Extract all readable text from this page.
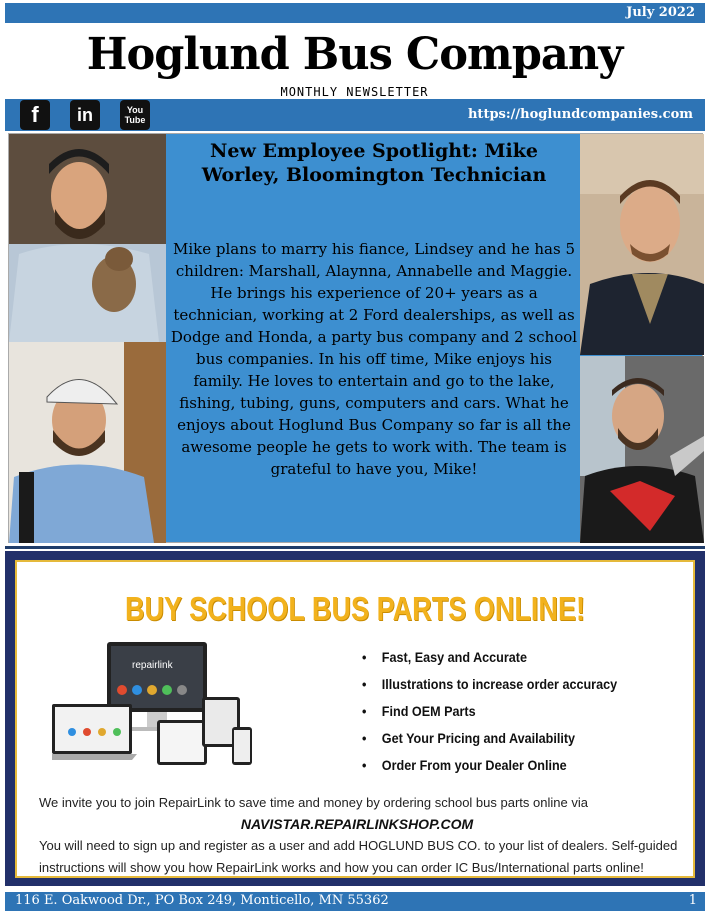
July 2022
Hoglund Bus Company
MONTHLY NEWSLETTER
f in	You
Tube	https://hoglundcompanies.com
New Employee Spotlight: Mike Worley, Bloomington Technician
Mike plans to marry his fiance, Lindsey and he has 5 children: Marshall, Alaynna, Annabelle and Maggie. He brings his experience of 20+ years as a technician, working at 2 Ford dealerships, as well as Dodge and Honda, a party bus company and 2 school bus companies. In his off time, Mike enjoys his family. He loves to entertain and go to the lake, fishing, tubing, guns, computers and cars. What he enjoys about Hoglund Bus Company so far is all the awesome people he gets to work with. The team is grateful to have you, Mike!
BUY SCHOOL BUS PARTS ONLINE!
repairlink
• Fast, Easy and Accurate
• Illustrations to increase order accuracy
• Find OEM Parts
• Get Your Pricing and Availability
• Order From your Dealer Online
We invite you to join RepairLink to save time and money by ordering school bus parts online via
NAVISTAR.REPAIRLINKSHOP.COM
You will need to sign up and register as a user and add HOGLUND BUS CO. to your list of dealers. Self-guided
instructions will show you how RepairLink works and how you can order IC Bus/International parts online!
116 E. Oakwood Dr., PO Box 249, Monticello, MN 55362	1
